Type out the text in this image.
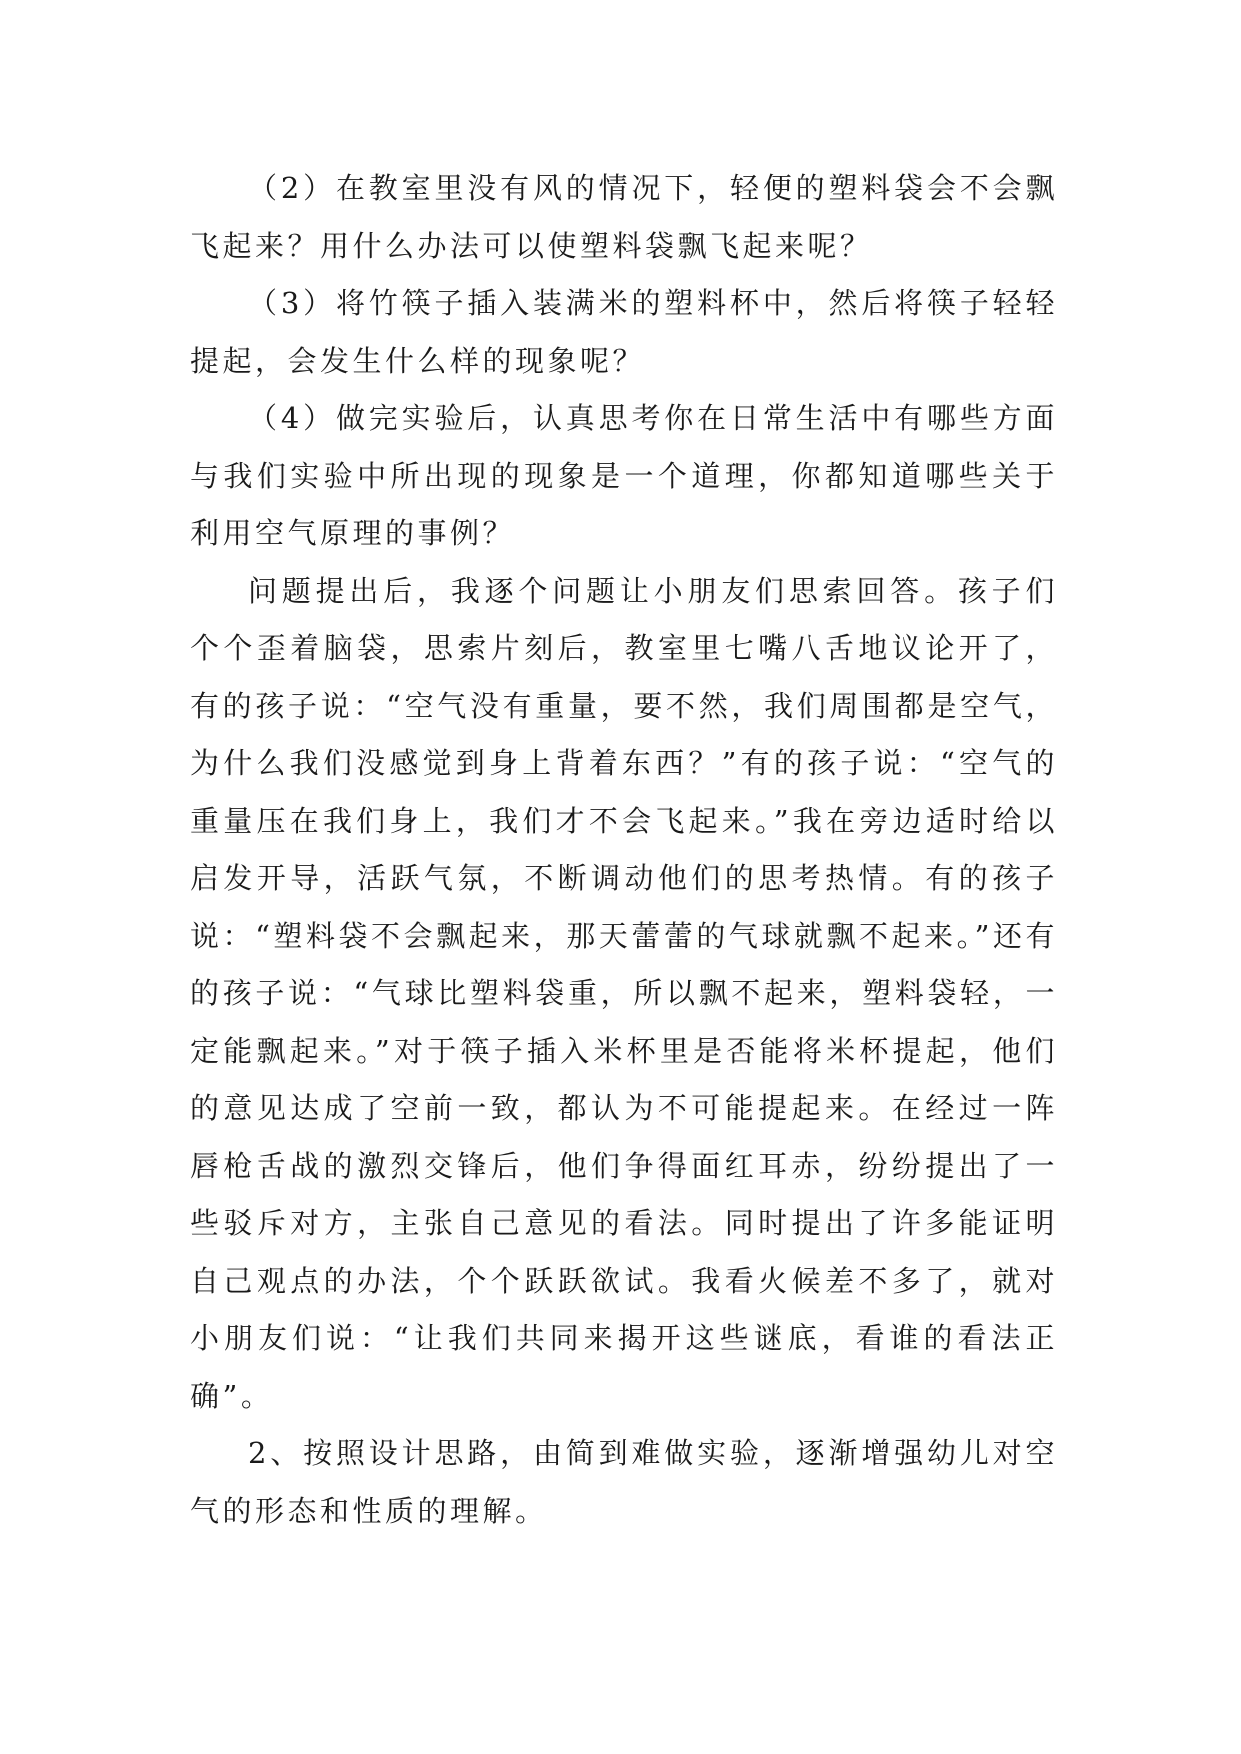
（2）在教室里没有风的情况下，轻便的塑料袋会不会飘飞起来？用什么办法可以使塑料袋飘飞起来呢？

（3）将竹筷子插入装满米的塑料杯中，然后将筷子轻轻提起，会发生什么样的现象呢？

（4）做完实验后，认真思考你在日常生活中有哪些方面与我们实验中所出现的现象是一个道理，你都知道哪些关于利用空气原理的事例？

问题提出后，我逐个问题让小朋友们思索回答。孩子们个个歪着脑袋，思索片刻后，教室里七嘴八舌地议论开了，有的孩子说：“空气没有重量，要不然，我们周围都是空气，为什么我们没感觉到身上背着东西？”有的孩子说：“空气的重量压在我们身上，我们才不会飞起来。”我在旁边适时给以启发开导，活跃气氛，不断调动他们的思考热情。有的孩子说：“塑料袋不会飘起来，那天蕾蕾的气球就飘不起来。”还有的孩子说：“气球比塑料袋重，所以飘不起来，塑料袋轻，一定能飘起来。”对于筷子插入米杯里是否能将米杯提起，他们的意见达成了空前一致，都认为不可能提起来。在经过一阵唇枪舌战的激烈交锋后，他们争得面红耳赤，纷纷提出了一些驳斥对方，主张自己意见的看法。同时提出了许多能证明自己观点的办法，个个跃跃欲试。我看火候差不多了，就对小朋友们说：“让我们共同来揭开这些谜底，看谁的看法正确”。

2、按照设计思路，由简到难做实验，逐渐增强幼儿对空气的形态和性质的理解。
